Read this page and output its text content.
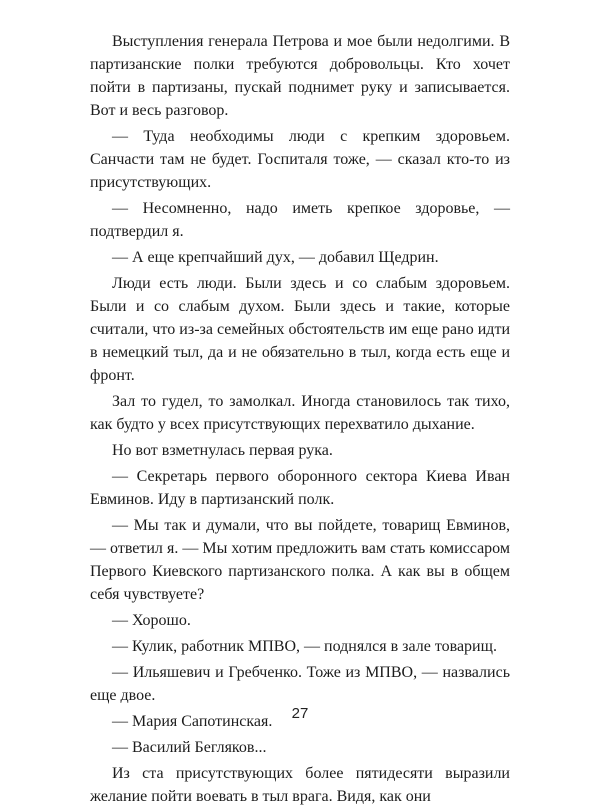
Выступления генерала Петрова и мое были недолгими. В партизанские полки требуются добровольцы. Кто хочет пойти в партизаны, пускай поднимет руку и записывается. Вот и весь разговор.

— Туда необходимы люди с крепким здоровьем. Санчасти там не будет. Госпиталя тоже, — сказал кто-то из присутствующих.

— Несомненно, надо иметь крепкое здоровье, — подтвердил я.

— А еще крепчайший дух, — добавил Щедрин.

Люди есть люди. Были здесь и со слабым здоровьем. Были и со слабым духом. Были здесь и такие, которые считали, что из-за семейных обстоятельств им еще рано идти в немецкий тыл, да и не обязательно в тыл, когда есть еще и фронт.

Зал то гудел, то замолкал. Иногда становилось так тихо, как будто у всех присутствующих перехватило дыхание.

Но вот взметнулась первая рука.

— Секретарь первого оборонного сектора Киева Иван Евминов. Иду в партизанский полк.

— Мы так и думали, что вы пойдете, товарищ Евминов, — ответил я. — Мы хотим предложить вам стать комиссаром Первого Киевского партизанского полка. А как вы в общем себя чувствуете?

— Хорошо.

— Кулик, работник МПВО, — поднялся в зале товарищ.

— Ильяшевич и Гребченко. Тоже из МПВО, — назвались еще двое.

— Мария Сапотинская.

— Василий Бегляков...

Из ста присутствующих более пятидесяти выразили желание пойти воевать в тыл врага. Видя, как они

27
